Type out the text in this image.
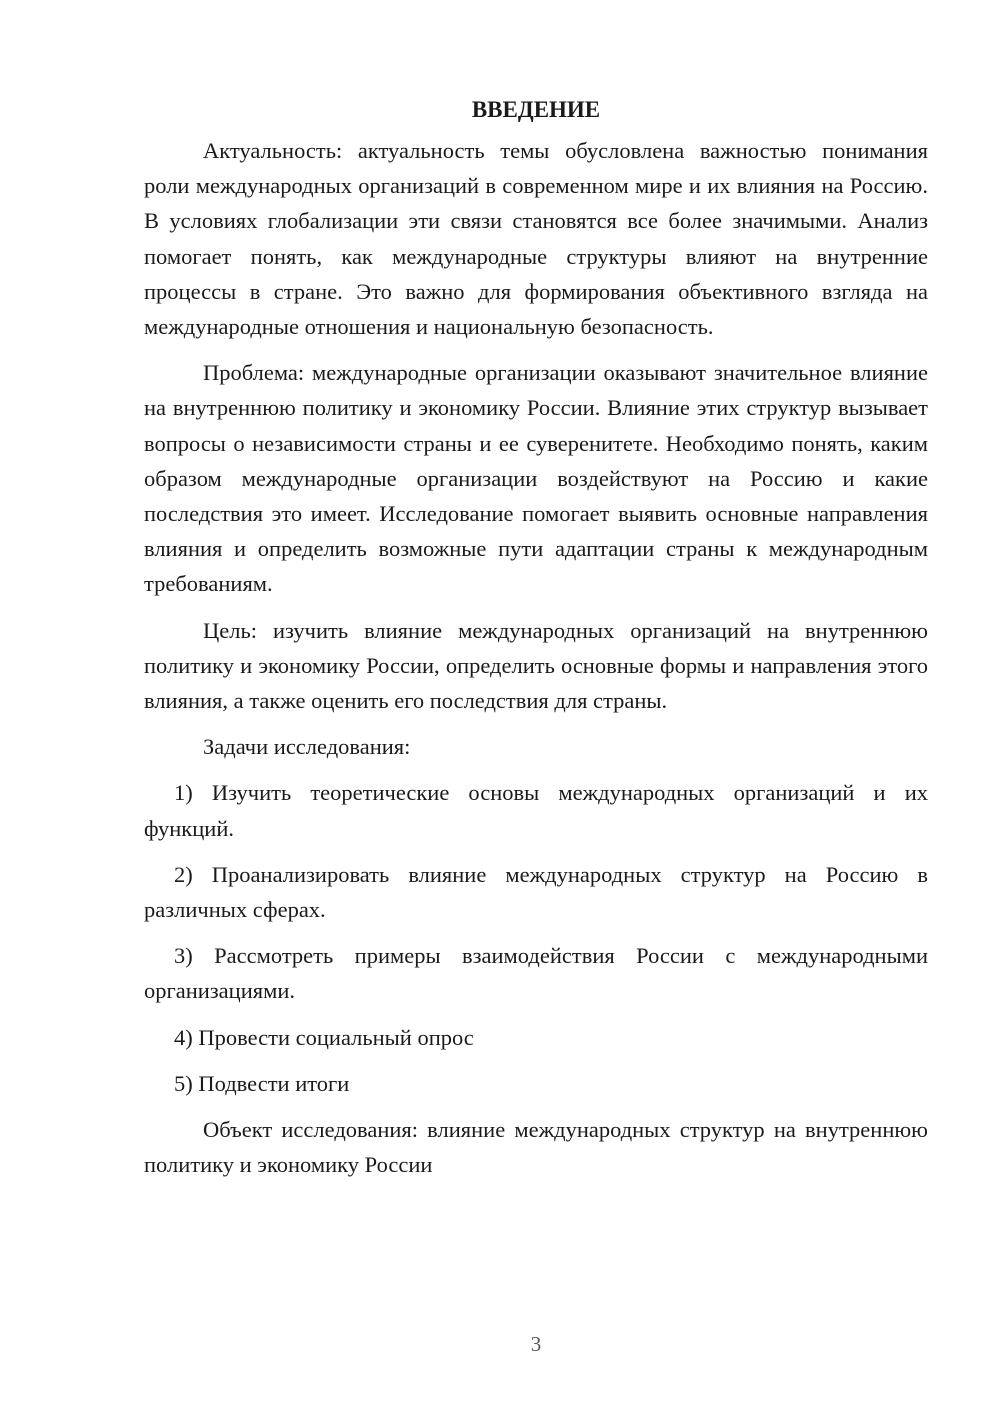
ВВЕДЕНИЕ

Актуальность: актуальность темы обусловлена важностью понимания роли международных организаций в современном мире и их влияния на Россию. В условиях глобализации эти связи становятся все более значимыми. Анализ помогает понять, как международные структуры влияют на внутренние процессы в стране. Это важно для формирования объективного взгляда на международные отношения и национальную безопасность.

Проблема: международные организации оказывают значительное влияние на внутреннюю политику и экономику России. Влияние этих структур вызывает вопросы о независимости страны и ее суверенитете. Необходимо понять, каким образом международные организации воздействуют на Россию и какие последствия это имеет. Исследование помогает выявить основные направления влияния и определить возможные пути адаптации страны к международным требованиям.

Цель: изучить влияние международных организаций на внутреннюю политику и экономику России, определить основные формы и направления этого влияния, а также оценить его последствия для страны.

Задачи исследования:

1) Изучить теоретические основы международных организаций и их функций.

2) Проанализировать влияние международных структур на Россию в различных сферах.

3) Рассмотреть примеры взаимодействия России с международными организациями.

4) Провести социальный опрос

5) Подвести итоги

Объект исследования: влияние международных структур на внутреннюю политику и экономику России

3
